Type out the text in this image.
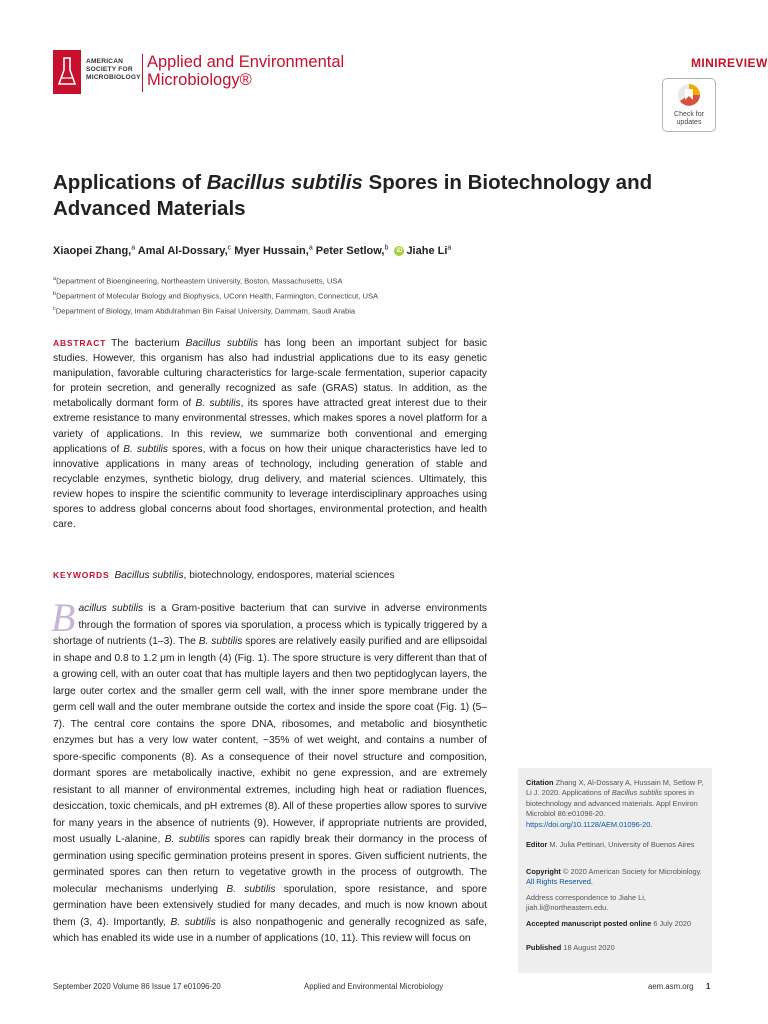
AMERICAN
SOCIETY FOR
MICROBIOLOGY
Applied and Environmental
Microbiology®
MINIREVIEW
Check for updates
Applications of Bacillus subtilis Spores in Biotechnology and Advanced Materials
Xiaopei Zhang,$^a$ Amal Al-Dossary,$^c$ Myer Hussain,$^a$ Peter Setlow,$^b$ iD Jiahe Li$^a$
$^a$Department of Bioengineering, Northeastern University, Boston, Massachusetts, USA
$^b$Department of Molecular Biology and Biophysics, UConn Health, Farmington, Connecticut, USA
$^c$Department of Biology, Imam Abdulrahman Bin Faisal University, Dammam, Saudi Arabia

ABSTRACT The bacterium Bacillus subtilis has long been an important subject for basic studies. However, this organism has also had industrial applications due to its easy genetic manipulation, favorable culturing characteristics for large-scale fermentation, superior capacity for protein secretion, and generally recognized as safe (GRAS) status. In addition, as the metabolically dormant form of B. subtilis, its spores have attracted great interest due to their extreme resistance to many environmental stresses, which makes spores a novel platform for a variety of applications. In this review, we summarize both conventional and emerging applications of B. subtilis spores, with a focus on how their unique characteristics have led to innovative applications in many areas of technology, including generation of stable and recyclable enzymes, synthetic biology, drug delivery, and material sciences. Ultimately, this review hopes to inspire the scientific community to leverage interdisciplinary approaches using spores to address global concerns about food shortages, environmental protection, and health care.

KEYWORDS Bacillus subtilis, biotechnology, endospores, material sciences

Bacillus subtilis is a Gram-positive bacterium that can survive in adverse environments through the formation of spores via sporulation, a process which is typically triggered by a shortage of nutrients (1–3). The B. subtilis spores are relatively easily purified and are ellipsoidal in shape and 0.8 to 1.2 μm in length (4) (Fig. 1). The spore structure is very different than that of a growing cell, with an outer coat that has multiple layers and then two peptidoglycan layers, the large outer cortex and the smaller germ cell wall, with the inner spore membrane under the germ cell wall and the outer membrane outside the cortex and inside the spore coat (Fig. 1) (5–7). The central core contains the spore DNA, ribosomes, and metabolic and biosynthetic enzymes but has a very low water content, ~35% of wet weight, and contains a number of spore-specific components (8). As a consequence of their novel structure and composition, dormant spores are metabolically inactive, exhibit no gene expression, and are extremely resistant to all manner of environmental extremes, including high heat or radiation fluences, desiccation, toxic chemicals, and pH extremes (8). All of these properties allow spores to survive for many years in the absence of nutrients (9). However, if appropriate nutrients are provided, most usually L-alanine, B. subtilis spores can rapidly break their dormancy in the process of germination using specific germination proteins present in spores. Given sufficient nutrients, the germinated spores can then return to vegetative growth in the process of outgrowth. The molecular mechanisms underlying B. subtilis sporulation, spore resistance, and spore germination have been extensively studied for many decades, and much is now known about them (3, 4). Importantly, B. subtilis is also nonpathogenic and generally recognized as safe, which has enabled its wide use in a number of applications (10, 11). This review will focus on

Citation Zhang X, Al-Dossary A, Hussain M, Setlow P, Li J. 2020. Applications of Bacillus subtilis spores in biotechnology and advanced materials. Appl Environ Microbiol 86:e01096-20. https://doi.org/10.1128/AEM.01096-20.
Editor M. Julia Pettinari, University of Buenos Aires
Copyright © 2020 American Society for Microbiology. All Rights Reserved.
Address correspondence to Jiahe Li, jiah.li@northeastern.edu.
Accepted manuscript posted online 6 July 2020
Published 18 August 2020
September 2020 Volume 86 Issue 17 e01096-20	Applied and Environmental Microbiology	aem.asm.org 1
